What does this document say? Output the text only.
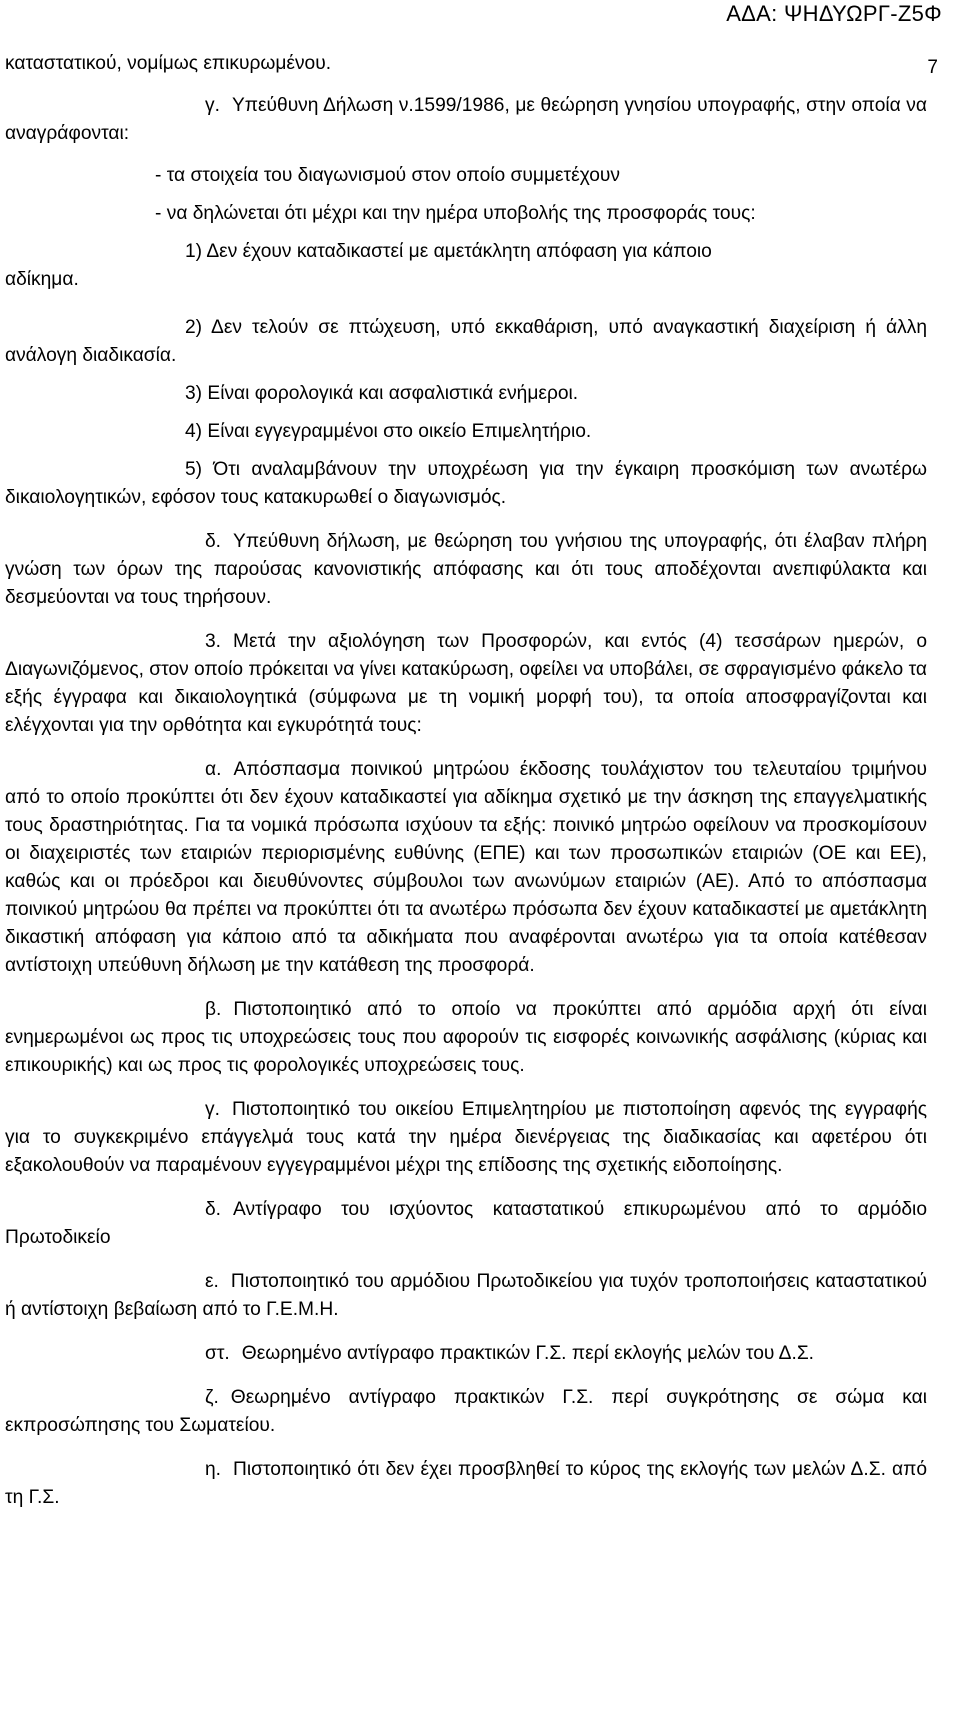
ΑΔΑ: ΨΗΔΥΩΡΓ-Ζ5Φ
7

καταστατικού, νομίμως επικυρωμένου.

γ. Υπεύθυνη Δήλωση ν.1599/1986, με θεώρηση γνησίου υπογραφής, στην οποία να αναγράφονται:

- τα στοιχεία του διαγωνισμού στον οποίο συμμετέχουν

- να δηλώνεται ότι μέχρι και την ημέρα υποβολής της προσφοράς τους:

1) Δεν έχουν καταδικαστεί με αμετάκλητη απόφαση για κάποιο

αδίκημα.

2) Δεν τελούν σε πτώχευση, υπό εκκαθάριση, υπό αναγκαστική διαχείριση ή άλλη ανάλογη διαδικασία.

3) Είναι φορολογικά και ασφαλιστικά ενήμεροι.

4) Είναι εγγεγραμμένοι στο οικείο Επιμελητήριο.

5) Ότι αναλαμβάνουν την υποχρέωση για την έγκαιρη προσκόμιση των ανωτέρω δικαιολογητικών, εφόσον τους κατακυρωθεί ο διαγωνισμός.

δ. Υπεύθυνη δήλωση, με θεώρηση του γνήσιου της υπογραφής, ότι έλαβαν πλήρη γνώση των όρων της παρούσας κανονιστικής απόφασης και ότι τους αποδέχονται ανεπιφύλακτα και δεσμεύονται να τους τηρήσουν.

3. Μετά την αξιολόγηση των Προσφορών, και εντός (4) τεσσάρων ημερών, ο Διαγωνιζόμενος, στον οποίο πρόκειται να γίνει κατακύρωση, οφείλει να υποβάλει, σε σφραγισμένο φάκελο τα εξής έγγραφα και δικαιολογητικά (σύμφωνα με τη νομική μορφή του), τα οποία αποσφραγίζονται και ελέγχονται για την ορθότητα και εγκυρότητά τους:

α. Απόσπασμα ποινικού μητρώου έκδοσης τουλάχιστον του τελευταίου τριμήνου από το οποίο προκύπτει ότι δεν έχουν καταδικαστεί για αδίκημα σχετικό με την άσκηση της επαγγελματικής τους δραστηριότητας. Για τα νομικά πρόσωπα ισχύουν τα εξής: ποινικό μητρώο οφείλουν να προσκομίσουν οι διαχειριστές των εταιριών περιορισμένης ευθύνης (ΕΠΕ) και των προσωπικών εταιριών (ΟΕ και ΕΕ), καθώς και οι πρόεδροι και διευθύνοντες σύμβουλοι των ανωνύμων εταιριών (ΑΕ). Από το απόσπασμα ποινικού μητρώου θα πρέπει να προκύπτει ότι τα ανωτέρω πρόσωπα δεν έχουν καταδικαστεί με αμετάκλητη δικαστική απόφαση για κάποιο από τα αδικήματα που αναφέρονται ανωτέρω για τα οποία κατέθεσαν αντίστοιχη υπεύθυνη δήλωση με την κατάθεση της προσφορά.

β. Πιστοποιητικό από το οποίο να προκύπτει από αρμόδια αρχή ότι είναι ενημερωμένοι ως προς τις υποχρεώσεις τους που αφορούν τις εισφορές κοινωνικής ασφάλισης (κύριας και επικουρικής) και ως προς τις φορολογικές υποχρεώσεις τους.

γ. Πιστοποιητικό του οικείου Επιμελητηρίου με πιστοποίηση αφενός της εγγραφής για το συγκεκριμένο επάγγελμά τους κατά την ημέρα διενέργειας της διαδικασίας και αφετέρου ότι εξακολουθούν να παραμένουν εγγεγραμμένοι μέχρι της επίδοσης της σχετικής ειδοποίησης.

δ. Αντίγραφο του ισχύοντος καταστατικού επικυρωμένου από το αρμόδιο Πρωτοδικείο

ε. Πιστοποιητικό του αρμόδιου Πρωτοδικείου για τυχόν τροποποιήσεις καταστατικού ή αντίστοιχη βεβαίωση από το Γ.Ε.Μ.Η.

στ. Θεωρημένο αντίγραφο πρακτικών Γ.Σ. περί εκλογής μελών του Δ.Σ.

ζ. Θεωρημένο αντίγραφο πρακτικών Γ.Σ. περί συγκρότησης σε σώμα και εκπροσώπησης του Σωματείου.

η. Πιστοποιητικό ότι δεν έχει προσβληθεί το κύρος της εκλογής των μελών Δ.Σ. από τη Γ.Σ.
